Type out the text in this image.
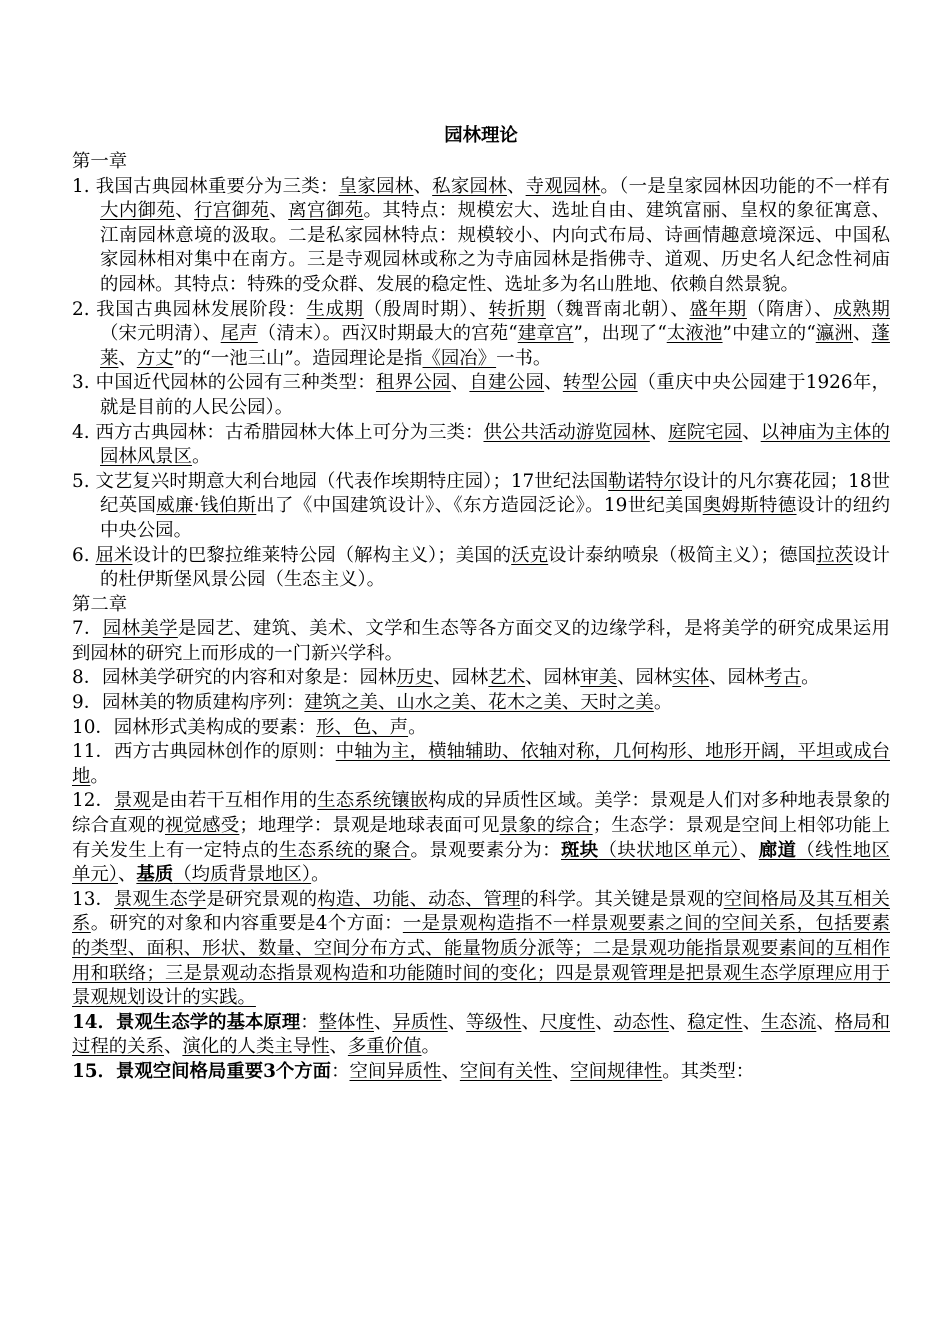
园林理论
第一章
1. 我国古典园林重要分为三类：皇家园林、私家园林、寺观园林。（一是皇家园林因功能的不一样有大内御苑、行宫御苑、离宫御苑。其特点：规模宏大、选址自由、建筑富丽、皇权的象征寓意、江南园林意境的汲取。二是私家园林特点：规模较小、内向式布局、诗画情趣意境深远、中国私家园林相对集中在南方。三是寺观园林或称之为寺庙园林是指佛寺、道观、历史名人纪念性祠庙的园林。其特点：特殊的受众群、发展的稳定性、选址多为名山胜地、依赖自然景貌。
2. 我国古典园林发展阶段：生成期（殷周时期）、转折期（魏晋南北朝）、盛年期（隋唐）、成熟期（宋元明清）、尾声（清末）。西汉时期最大的宫苑“建章宫”，出现了“太液池”中建立的“瀛洲、蓬莱、方丈”的“一池三山”。造园理论是指《园冶》一书。
3. 中国近代园林的公园有三种类型：租界公园、自建公园、转型公园（重庆中央公园建于1926年，就是目前的人民公园）。
4. 西方古典园林：古希腊园林大体上可分为三类：供公共活动游览园林、庭院宅园、以神庙为主体的园林风景区。
5. 文艺复兴时期意大利台地园（代表作埃期特庄园）；17世纪法国勒诺特尔设计的凡尔赛花园；18世纪英国威廉·钱伯斯出了《中国建筑设计》、《东方造园泛论》。19世纪美国奥姆斯特德设计的纽约中央公园。
6. 屈米设计的巴黎拉维莱特公园（解构主义）；美国的沃克设计泰纳喷泉（极简主义）；德国拉茨设计的杜伊斯堡风景公园（生态主义）。
第二章
7．园林美学是园艺、建筑、美术、文学和生态等各方面交叉的边缘学科，是将美学的研究成果运用到园林的研究上而形成的一门新兴学科。
8．园林美学研究的内容和对象是：园林历史、园林艺术、园林审美、园林实体、园林考古。
9．园林美的物质建构序列：建筑之美、山水之美、花木之美、天时之美。
10．园林形式美构成的要素：形、色、声。
11．西方古典园林创作的原则：中轴为主，横轴辅助、依轴对称，几何构形、地形开阔，平坦或成台地。
12．景观是由若干互相作用的生态系统镶嵌构成的异质性区域。美学：景观是人们对多种地表景象的综合直观的视觉感受；地理学：景观是地球表面可见景象的综合；生态学：景观是空间上相邻功能上有关发生上有一定特点的生态系统的聚合。景观要素分为：斑块（块状地区单元）、廊道（线性地区单元）、基质（均质背景地区）。
13．景观生态学是研究景观的构造、功能、动态、管理的科学。其关键是景观的空间格局及其互相关系。研究的对象和内容重要是4个方面：一是景观构造指不一样景观要素之间的空间关系，包括要素的类型、面积、形状、数量、空间分布方式、能量物质分派等；二是景观功能指景观要素间的互相作用和联络；三是景观动态指景观构造和功能随时间的变化；四是景观管理是把景观生态学原理应用于景观规划设计的实践。
14．景观生态学的基本原理：整体性、异质性、等级性、尺度性、动态性、稳定性、生态流、格局和过程的关系、演化的人类主导性、多重价值。
15．景观空间格局重要3个方面：空间异质性、空间有关性、空间规律性。其类型：
